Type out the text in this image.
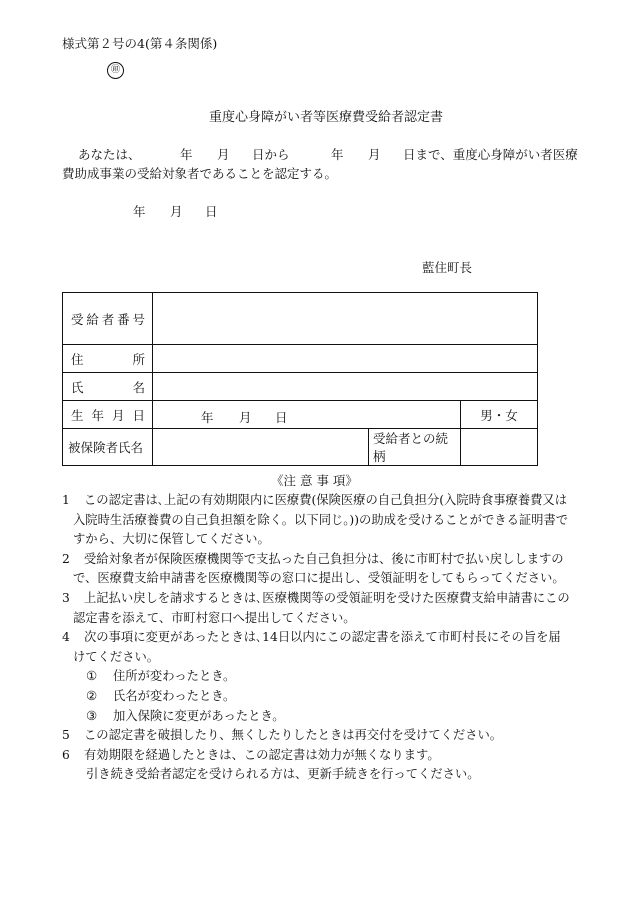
様式第２号の4(第４条関係)
㊞
重度心身障がい者等医療費受給者認定書
あなたは、	年 月 日から	年 月 日まで、重度心身障がい者医療
費助成事業の受給対象者であることを認定する。
年 月 日
藍住町長
受 給 者 番 号			

住 所			

氏 名			

生 年 月 日	年 月 日		男・女
被保険者氏名		受給者との続柄	
《注 意 事 項》
1 この認定書は､上記の有効期限内に医療費(保険医療の自己負担分(入院時食事療養費又は入院時生活療養費の自己負担額を除く。以下同じ。))の助成を受けることができる証明書ですから、大切に保管してください。
2 受給対象者が保険医療機関等で支払った自己負担分は、後に市町村で払い戻ししますので、医療費支給申請書を医療機関等の窓口に提出し、受領証明をしてもらってください。
3 上記払い戻しを請求するときは､医療機関等の受領証明を受けた医療費支給申請書にこの認定書を添えて、市町村窓口へ提出してください。
4 次の事項に変更があったときは､14日以内にこの認定書を添えて市町村長にその旨を届けてください。
①	住所が変わったとき。
②	氏名が変わったとき。
③	加入保険に変更があったとき。
5 この認定書を破損したり、無くしたりしたときは再交付を受けてください。
6 有効期限を経過したときは、この認定書は効力が無くなります。
引き続き受給者認定を受けられる方は、更新手続きを行ってください。
